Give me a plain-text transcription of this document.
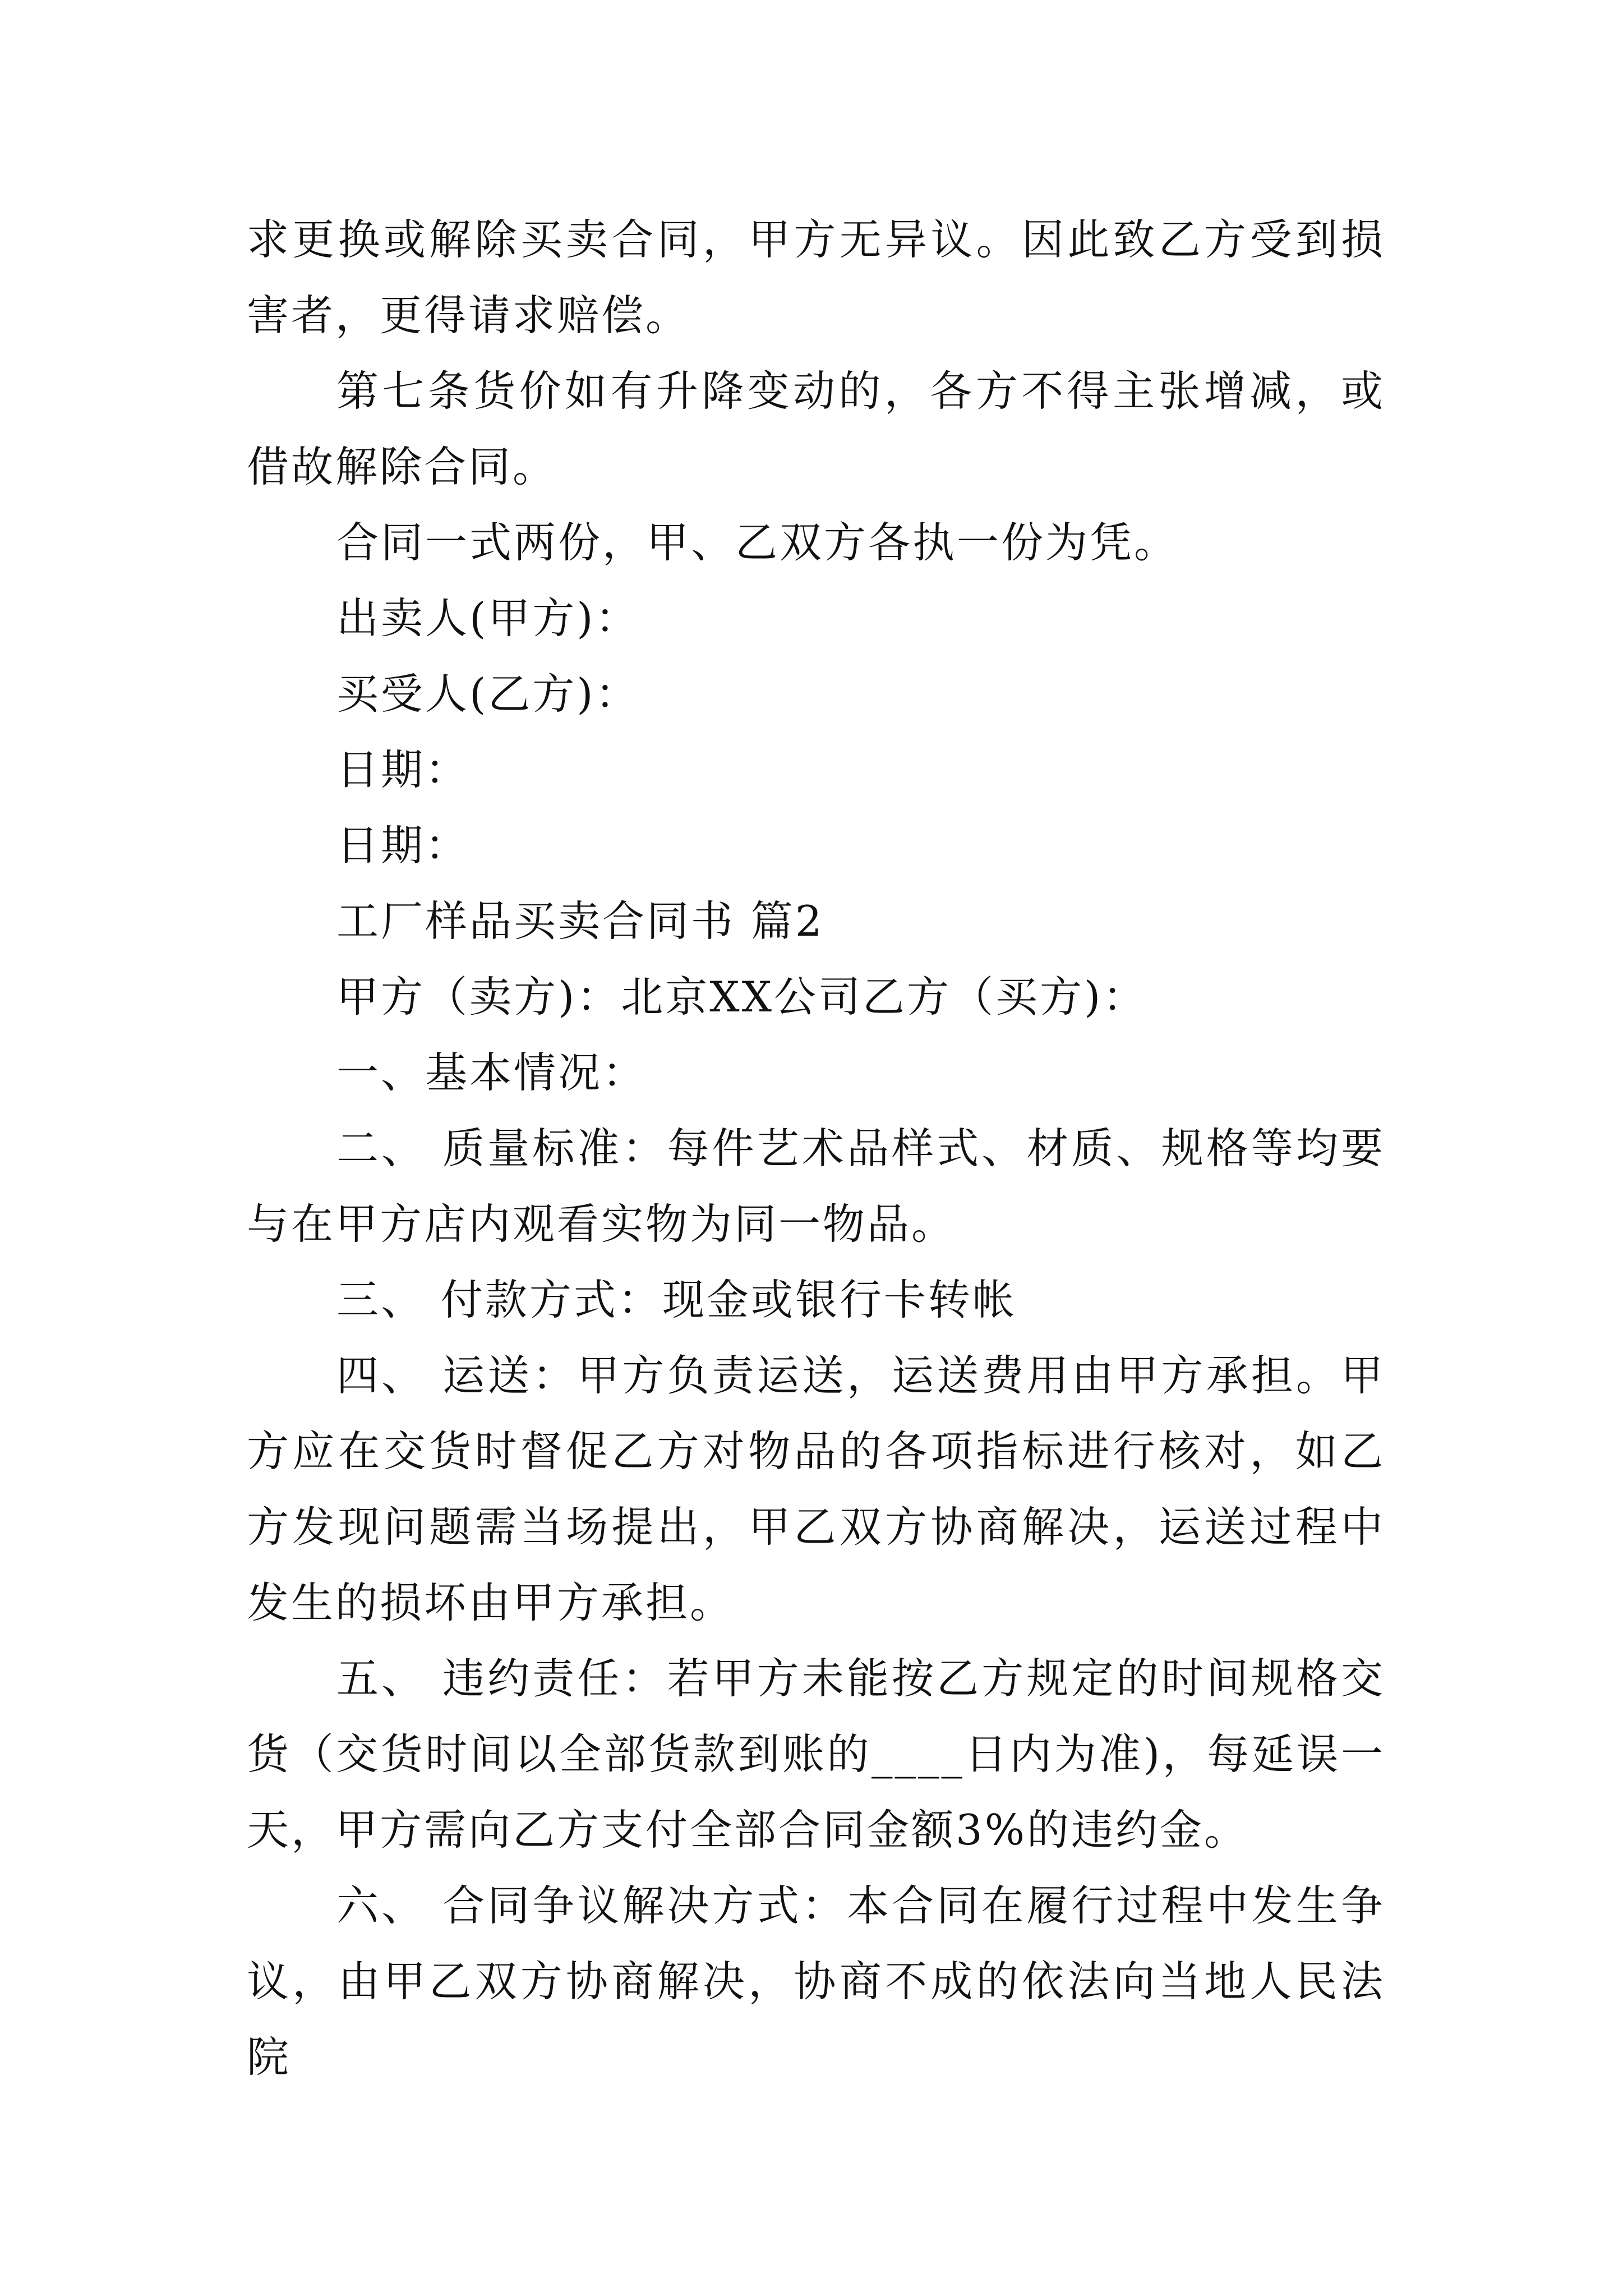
求更换或解除买卖合同，甲方无异议。因此致乙方受到损害者，更得请求赔偿。

第七条货价如有升降变动的，各方不得主张增减，或借故解除合同。

合同一式两份，甲、乙双方各执一份为凭。

出卖人(甲方)：

买受人(乙方)：

日期：

日期：

工厂样品买卖合同书 篇2

甲方（卖方)：北京XX公司乙方（买方)：

一、基本情况：

二、 质量标准：每件艺术品样式、材质、规格等均要与在甲方店内观看实物为同一物品。

三、 付款方式：现金或银行卡转帐

四、 运送：甲方负责运送，运送费用由甲方承担。甲方应在交货时督促乙方对物品的各项指标进行核对，如乙方发现问题需当场提出，甲乙双方协商解决，运送过程中发生的损坏由甲方承担。

五、 违约责任：若甲方未能按乙方规定的时间规格交货（交货时间以全部货款到账的____日内为准)，每延误一天，甲方需向乙方支付全部合同金额3%的违约金。

六、 合同争议解决方式：本合同在履行过程中发生争议，由甲乙双方协商解决，协商不成的依法向当地人民法院
